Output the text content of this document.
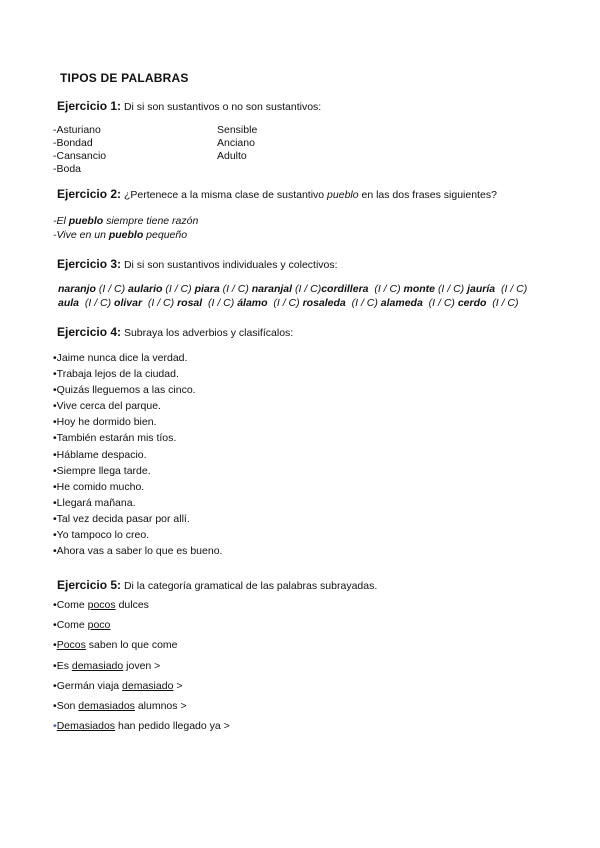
TIPOS DE PALABRAS
Ejercicio 1: Di si son sustantivos o no son sustantivos:
-Asturiano
-Bondad
-Cansancio
-Boda
Sensible
Anciano
Adulto
Ejercicio 2: ¿Pertenece a la misma clase de sustantivo pueblo en las dos frases siguientes?
-El pueblo siempre tiene razón
-Vive en un pueblo pequeño
Ejercicio 3: Di si son sustantivos individuales y colectivos:
naranjo (I / C) aulario (I / C) piara (I / C) naranjal (I / C)cordillera (I / C) monte (I / C) jauría (I / C)
aula (I / C) olivar (I / C) rosal (I / C) álamo (I / C) rosaleda (I / C) alameda (I / C) cerdo (I / C)
Ejercicio 4: Subraya los adverbios y clasifícalos:
•Jaime nunca dice la verdad.
•Trabaja lejos de la ciudad.
•Quizás lleguemos a las cinco.
•Vive cerca del parque.
•Hoy he dormido bien.
•También estarán mis tíos.
•Háblame despacio.
•Siempre llega tarde.
•He comido mucho.
•Llegará mañana.
•Tal vez decida pasar por allí.
•Yo tampoco lo creo.
•Ahora vas a saber lo que es bueno.
Ejercicio 5: Di la categoría gramatical de las palabras subrayadas.
•Come pocos dulces
•Come poco
•Pocos saben lo que come
•Es demasiado joven >
•Germán viaja demasiado >
•Son demasiados alumnos >
•Demasiados han pedido llegado ya >
